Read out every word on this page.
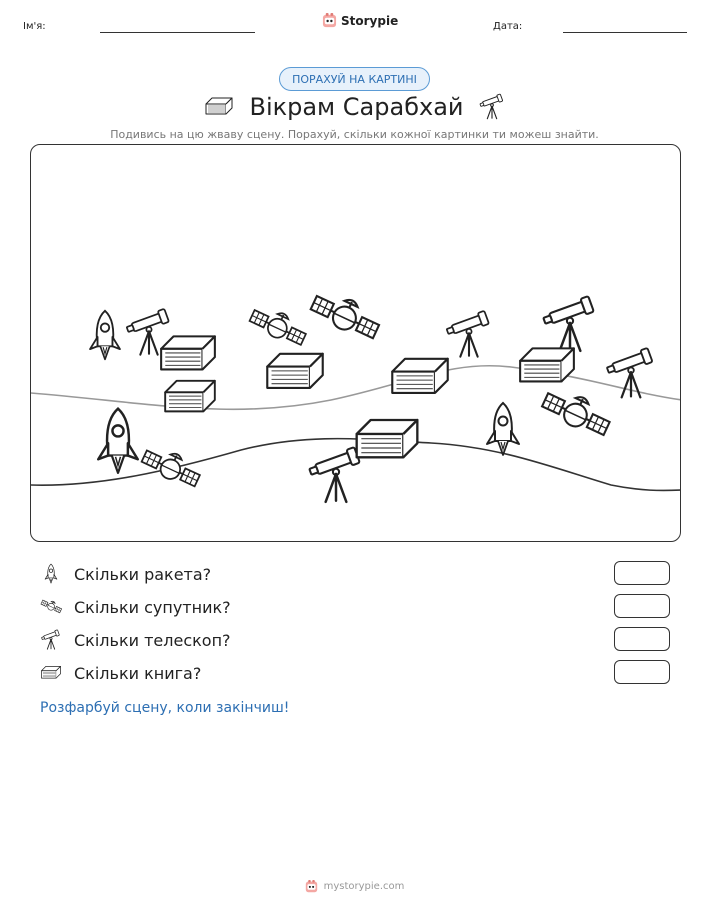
Ім'я:	Storypie	Дата:
ПОРАХУЙ НА КАРТИНІ
Вікрам Сарабхай
Подивись на цю жваву сцену. Порахуй, скільки кожної картинки ти можеш знайти.
Скільки ракета?
Скільки супутник?
Скільки телескоп?
Скільки книга?
Розфарбуй сцену, коли закінчиш!
mystorypie.com
